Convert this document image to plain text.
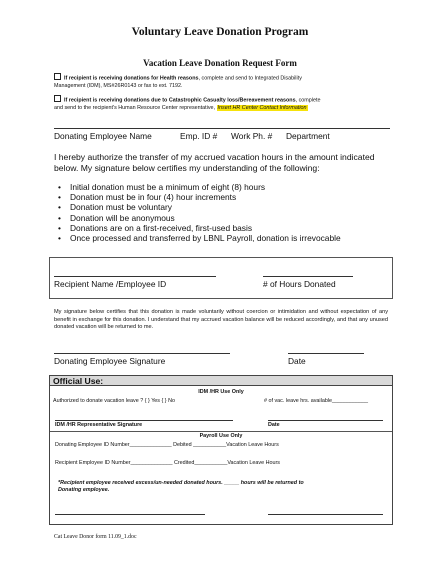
Voluntary Leave Donation Program
Vacation Leave Donation Request Form
If recipient is receiving donations for Health reasons, complete and send to Integrated Disability
Management (IDM), MS#26R0143 or fax to ext. 7192.
If recipient is receiving donations due to Catastrophic Casualty loss/Bereavement reasons, complete
and send to the recipient's Human Resource Center representative, Insert HR Center Contact Information
Donating Employee Name	Emp. ID # Work Ph. # Department
I hereby authorize the transfer of my accrued vacation hours in the amount indicated below. My signature below certifies my understanding of the following:
• Initial donation must be a minimum of eight (8) hours
• Donation must be in four (4) hour increments
• Donation must be voluntary
• Donation will be anonymous
• Donations are on a first-received, first-used basis
• Once processed and transferred by LBNL Payroll, donation is irrevocable
Recipient Name /Employee ID	# of Hours Donated
My signature below certifies that this donation is made voluntarily without coercion or intimidation and without expectation of any benefit in exchange for this donation. I understand that my accrued vacation balance will be reduced accordingly, and that any unused donated vacation will be returned to me.
Donating Employee Signature	Date
Official Use:
IDM /HR Use Only
Authorized to donate vacation leave ? { } Yes { } No	# of vac. leave hrs. available____________
IDM /HR Representative Signature	Date
Payroll Use Only
Donating Employee ID Number______________ Debited ___________Vacation Leave Hours
Recipient Employee ID Number______________ Credited___________Vacation Leave Hours
*Recipient employee received excess/un-needed donated hours. _____ hours will be returned to
Donating employee.
Cat Leave Donor form 11.09_1.doc
